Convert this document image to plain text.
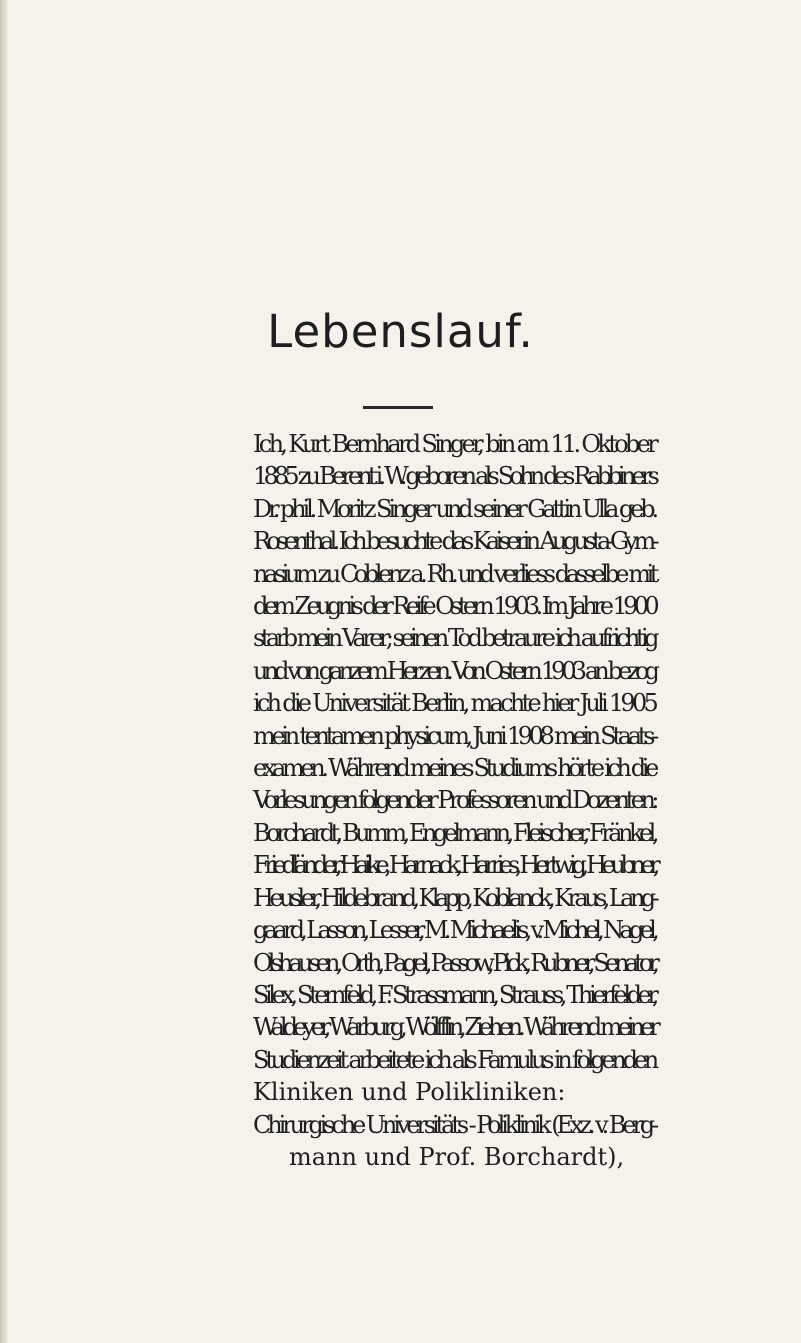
Lebenslauf.
Ich, Kurt Bernhard Singer, bin am 11. Oktober
1885 zu Berent i. W. geboren als Sohn des Rabbiners
Dr. phil. Moritz Singer und seiner Gattin Ulla geb.
Rosenthal. Ich besuchte das Kaiserin Augusta-Gym-
nasium zu Coblenz a. Rh. und verliess dasselbe mit
dem Zeugnis der Reife Ostern 1903. Im Jahre 1900
starb mein Varer; seinen Tod betraure ich aufrichtig
und von ganzem Herzen. Von Ostern 1903 an bezog
ich die Universität Berlin, machte hier Juli 1905
mein tentamen physicum, Juni 1908 mein Staats-
examen. Während meines Studiums hörte ich die
Vorlesungen folgender Professoren und Dozenten:
Borchardt, Bumm, Engelmann, Fleischer, Fränkel,
Friedländer, Haike, Harnack, Harries, Hertwig, Heubner,
Heusler, Hildebrand, Klapp, Koblanck, Kraus, Lang-
gaard, Lasson, Lesser, M. Michaelis, v. Michel, Nagel,
Olshausen, Orth, Pagel, Passow, Pick, Rubner, Senator,
Silex, Sternfeld, F. Strassmann, Strauss, Thierfelder,
Waldeyer, Warburg, Wölfflin, Ziehen. Während meiner
Studienzeit arbeitete ich als Famulus in folgenden
Kliniken und Polikliniken:
Chirurgische Universitäts - Poliklinik (Exz. v. Berg-
mann und Prof. Borchardt),
